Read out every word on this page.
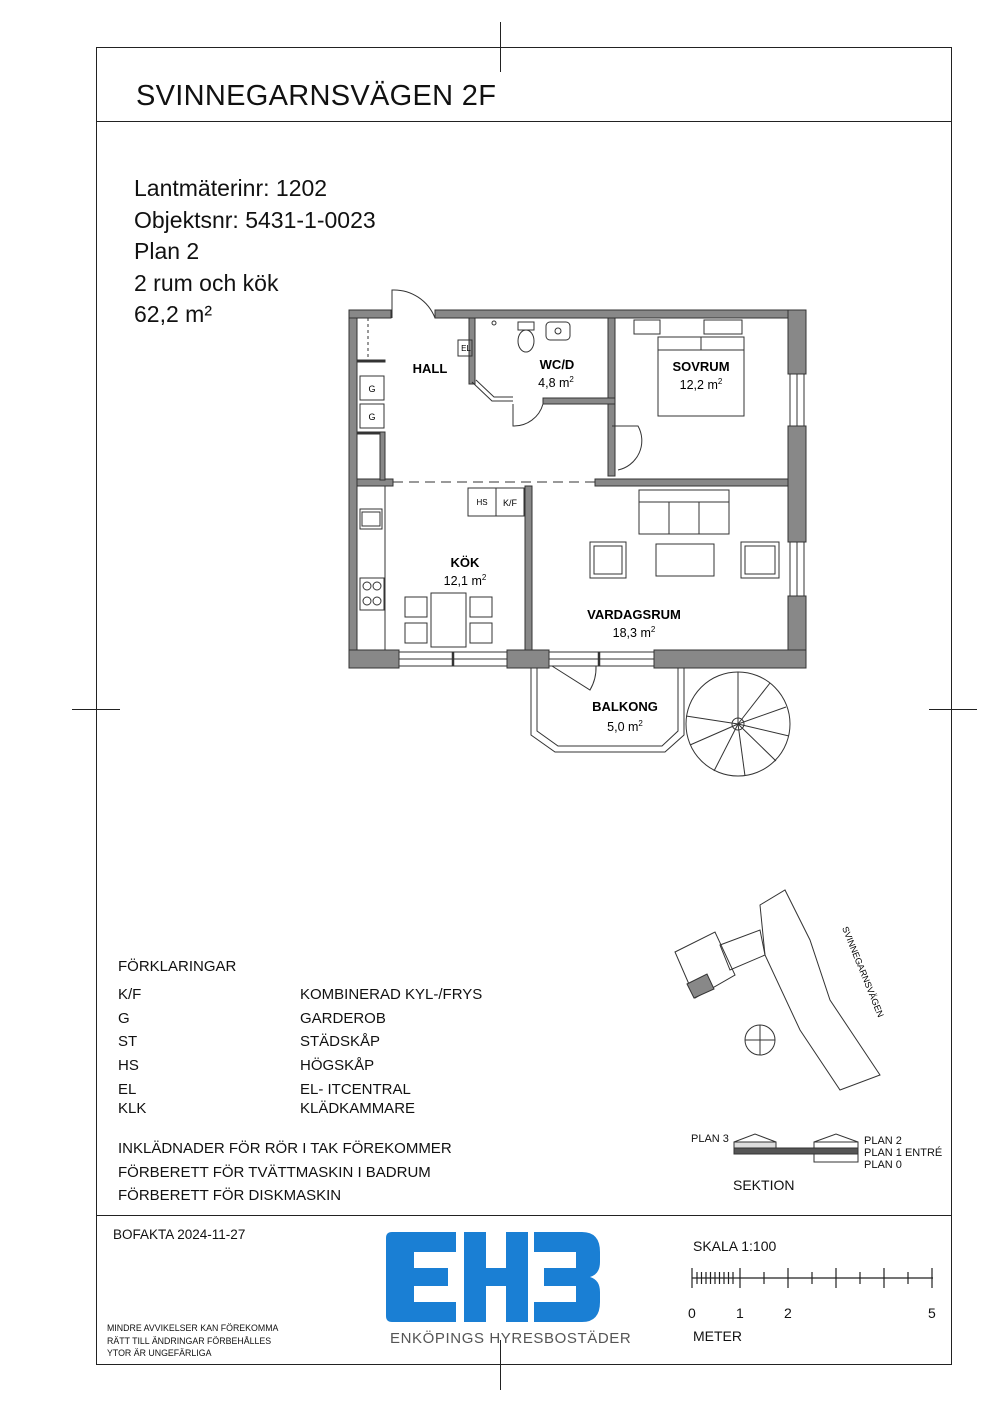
SVINNEGARNSVÄGEN 2F
Lantmäterinr: 1202
Objektsnr: 5431-1-0023
Plan 2
2 rum och kök
62,2 m²
HALL	WC/D
4,8 $m^2$
SOVRUM
12,2 $m^2$
KÖK
12,1 $m^2$
VARDAGSRUM
18,3 $m^2$
BALKONG
5,0 $m^2$
G
G
EL
HS K/F
FÖRKLARINGAR
K/F	KOMBINERAD KYL-/FRYS
G	GARDEROB
ST	STÄDSKÅP
HS	HÖGSKÅP
EL	EL- ITCENTRAL
KLK	KLÄDKAMMARE
INKLÄDNADER FÖR RÖR I TAK FÖREKOMMER
FÖRBERETT FÖR TVÄTTMASKIN I BADRUM
FÖRBERETT FÖR DISKMASKIN
SVINNEGARNSVÄGEN
PLAN 3	PLAN 2
PLAN 1 ENTRÉ
PLAN 0
SEKTION
BOFAKTA 2024-11-27
MINDRE AVVIKELSER KAN FÖREKOMMA
RÄTT TILL ÄNDRINGAR FÖRBEHÅLLES
YTOR ÄR UNGEFÄRLIGA
ENKÖPINGS HYRESBOSTÄDER
SKALA 1:100
0	1	2	5
METER
